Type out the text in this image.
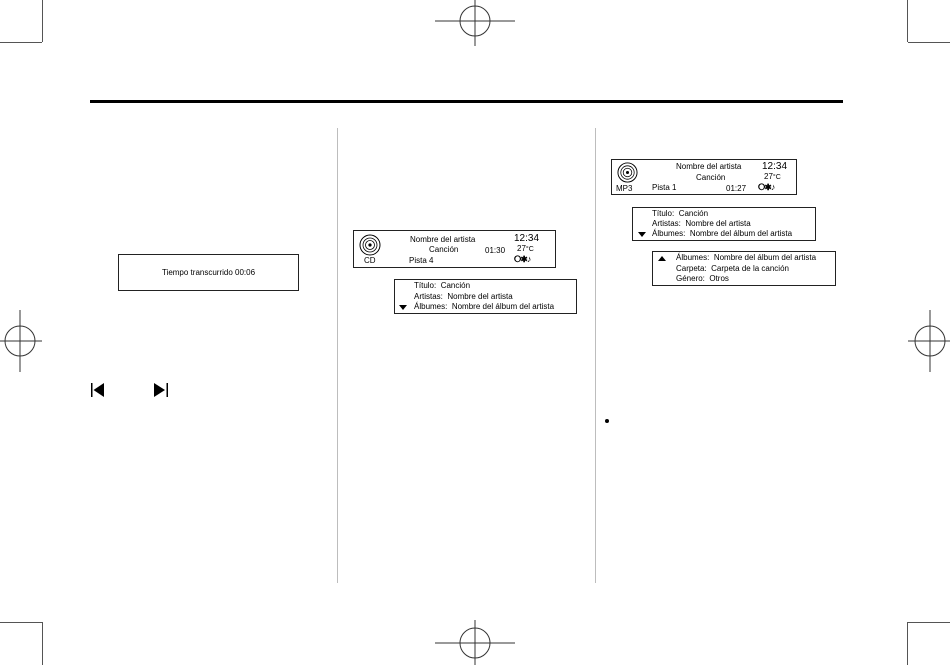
Tiempo transcurrido 00:06
CD
Nombre del artista
Canción
Pista 4
12:34
01:30 27°C
⭘✱♪
Título: Canción
Artistas: Nombre del artista
Álbumes: Nombre del álbum del artista
MP3
Nombre del artista
Canción
Pista 1	01:27
12:34
27°C
⭘✱♪
Título: Canción
Artistas: Nombre del artista
Álbumes: Nombre del álbum del artista
Álbumes: Nombre del álbum del artista
Carpeta: Carpeta de la canción
Género: Otros
